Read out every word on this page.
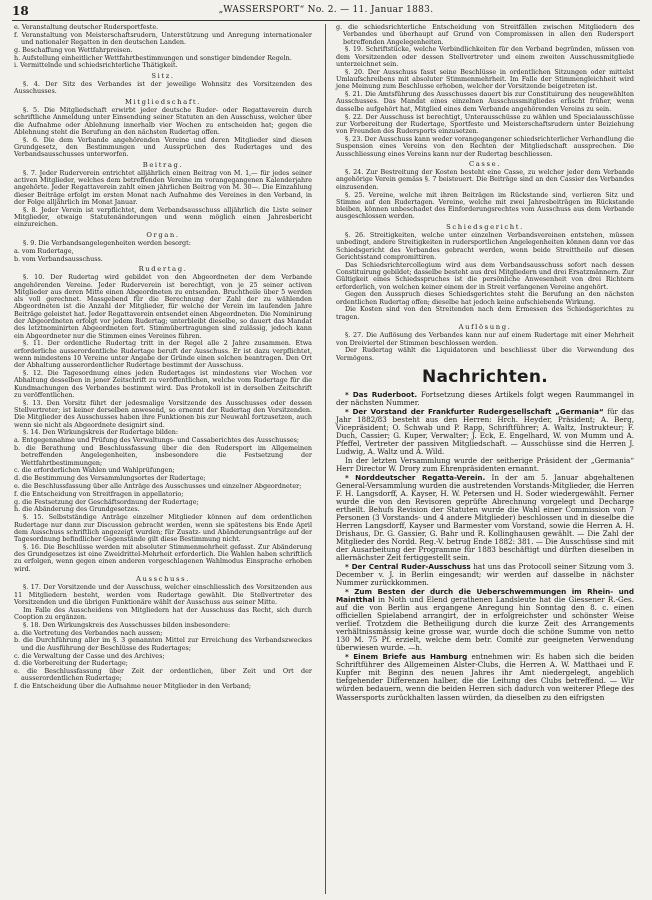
18	„WASSERSPORT“ No. 2. — 11. Januar 1883.
e. Veranstaltung deutscher Rudersportfeste.
f. Veranstaltung von Meisterschaftsrudern, Unterstützung und Anregung internationaler und nationaler Regatten in den deutschen Landen.
g. Beschaffung von Wettfahrpreisen.
h. Aufstellung einheitlicher Wettfahrtbestimmungen und sonstiger bindender Regeln.
i. Vermittelnde und schiedsrichterliche Thätigkeit.
Sitz.
§. 4. Der Sitz des Verbandes ist der jeweilige Wohnsitz des Vorsitzenden des Ausschusses.
Mitgliedschaft.
§. 5. Die Mitgliedschaft erwirbt jeder deutsche Ruder- oder Regattaverein durch schriftliche Anmeldung unter Einsendung seiner Statuten an den Ausschuss, welcher über die Aufnahme oder Ablehnung innerhalb vier Wochen zu entscheiden hat; gegen die Ablehnung steht die Berufung an den nächsten Rudertag offen.
§. 6. Die dem Verbande angehörenden Vereine und deren Mitglieder sind diesen Grundgesetz, den Bestimmungen und Aussprüchen des Rudertages und des Verbandsausschusses unterworfen.
Beitrag.
§. 7. Jeder Ruderverein entrichtet alljährlich einen Beitrag von M. 1,— für jedes seiner activen Mitglieder, welches dem betreffenden Vereine im vorangegangenen Kalenderjahre angehörte. Jeder Regattaverein zahlt einen jährlichen Beitrag von M. 30—. Die Einzahlung dieser Beiträge erfolgt im ersten Monat nach Aufnahme des Vereines in den Verband, in der Folge alljährlich im Monat Januar.
§. 8. Jeder Verein ist verpflichtet, dem Verbandsausschuss alljährlich die Liste seiner Mitglieder, etwaige Statutenänderungen und wenn möglich einen Jahresbericht einzureichen.
Organ.
§. 9. Die Verbandsangelegenheiten werden besorgt:
a. vom Rudertage,
b. vom Verbandsausschuss.
Rudertag.
§. 10. Der Rudertag wird gebildet von den Abgeordneten der dem Verbande angehörenden Vereine. Jeder Ruderverein ist berechtigt, von je 25 seiner activen Mitglieder aus deren Mitte einen Abgeordneten zu entsenden. Bruchtheile über 5 werden als voll gerechnet. Massgebend für die Berechnung der Zahl der zu wählenden Abgeordneten ist die Anzahl der Mitglieder, für welche der Verein im laufenden Jahre Beiträge geleistet hat. Jeder Regattaverein entsendet einen Abgeordneten. Die Nominirung der Abgeordneten erfolgt vor jedem Rudertag; unterbleibt dieselbe, so dauert das Mandat des letztnominirten Abgeordneten fort. Stimmübertragungen sind zulässig, jedoch kann ein Abgeordneter nur die Stimmen eines Vereines führen.
§. 11. Der ordentliche Rudertag tritt in der Regel alle 2 Jahre zusammen. Etwa erforderliche ausserordentliche Rudertage beruft der Ausschuss. Er ist dazu verpflichtet, wenn mindestens 10 Vereine unter Angabe der Gründe einen solchen beantragen. Den Ort der Abhaltung ausserordentlicher Rudertage bestimmt der Ausschuss.
§. 12. Die Tagesordnung eines jeden Rudertages ist mindestens vier Wochen vor Abhaltung desselben in jener Zeitschrift zu veröffentlichen, welche vom Rudertage für die Kundmachungen des Verbandes bestimmt wird. Das Protokoll ist in derselben Zeitschrift zu veröffentlichen.
§. 13. Den Vorsitz führt der jedesmalige Vorsitzende des Ausschusses oder dessen Stellvertreter; ist keiner derselben anwesend, so ernennt der Rudertag den Vorsitzenden. Die Mitglieder des Ausschusses haben ihre Funktionen bis zur Neuwahl fortzusetzen, auch wenn sie nicht als Abgeordnete designirt sind.
§. 14. Den Wirkungskreis der Rudertage bilden:
a. Entgegennahme und Prüfung des Verwaltungs- und Cassaberichtes des Ausschusses;
b. die Berathung und Beschlussfassung über die den Rudersport im Allgemeinen betreffenden Angelegenheiten, insbesondere die Festsetzung der Wettfahrtbestimmungen;
c. die erforderlichen Wahlen und Wahlprüfungen;
d. die Bestimmung des Versammlungsortes der Rudertage;
e. die Beschlussfassung über alle Anträge des Ausschusses und einzelner Abgeordneter;
f. die Entscheidung von Streitfragen in appellatorio;
g. die Festsetzung der Geschäftsordnung der Rudertage;
h. die Abänderung des Grundgesetzes.
§. 15. Selbstständige Anträge einzelner Mitglieder können auf dem ordentlichen Rudertage nur dann zur Discussion gebracht werden, wenn sie spätestens bis Ende April dem Ausschuss schriftlich angezeigt wurden; für Zusatz- und Abänderungsanträge auf der Tagesordnung befindlicher Gegenstände gilt diese Bestimmung nicht.
§. 16. Die Beschlüsse werden mit absoluter Stimmenmehrheit gefasst. Zur Abänderung des Grundgesetzes ist eine Zweidrittel-Mehrheit erforderlich. Die Wahlen haben schriftlich zu erfolgen, wenn gegen einen anderen vorgeschlagenen Wahlmodus Einsprache erhoben wird.
Ausschuss.
§. 17. Der Vorsitzende und der Ausschuss, welcher einschliesslich des Vorsitzenden aus 11 Mitgliedern besteht, werden vom Rudertage gewählt. Die Stellvertreter des Vorsitzenden und die übrigen Funktionäre wählt der Ausschuss aus seiner Mitte.
Im Falle des Ausscheidens von Mitgliedern hat der Ausschuss das Recht, sich durch Cooption zu ergänzen.
§. 18. Den Wirkungskreis des Ausschusses bilden insbesondere:
a. die Vertretung des Verbandes nach aussen;
b. die Durchführung aller im §. 3 genannten Mittel zur Erreichung des Verbandszweckes und die Ausführung der Beschlüsse des Rudertages;
c. die Verwaltung der Casse und des Archives;
d. die Vorbereitung der Rudertage;
e. die Beschlussfassung über Zeit der ordentlichen, über Zeit und Ort der ausserordentlichen Rudertage;
f. die Entscheidung über die Aufnahme neuer Mitglieder in den Verband;
g. die schiedsrichterliche Entscheidung von Streitfällen zwischen Mitgliedern des Verbandes und überhaupt auf Grund von Compromissen in allen den Rudersport betreffenden Angelegenheiten.
§. 19. Schriftstücke, welche Verbindlichkeiten für den Verband begründen, müssen von dem Vorsitzenden oder dessen Stellvertreter und einem zweiten Ausschussmitgliede unterzeichnet sein.
§. 20. Der Ausschuss fasst seine Beschlüsse in ordentlichen Sitzungen oder mittelst Umlaufschreibens mit absoluter Stimmenmehrheit. Im Falle der Stimmengleichheit wird jene Meinung zum Beschlusse erhoben, welcher der Vorsitzende beigetreten ist.
§. 21. Die Amtsführung des Ausschusses dauert bis zur Constituirung des neugewählten Ausschusses. Das Mandat eines einzelnen Ausschussmitgliedes erlischt früher, wenn dasselbe aufgehört hat, Mitglied eines dem Verbande angehörenden Vereins zu sein.
§. 22. Der Ausschuss ist berechtigt, Unterausschüsse zu wählen und Specialausschüsse zur Vorbereitung der Rudertage, Sportfeste und Meisterschaftsrudern unter Beiziehung von Freunden des Rudersports einzusetzen.
§. 23. Der Ausschuss kann weder vorangegangener schiedsrichterlicher Verhandlung die Suspension eines Vereins von den Rechten der Mitgliedschaft aussprechen. Die Ausschliessung eines Vereins kann nur der Rudertag beschliessen.
Casse.
§. 24. Zur Bestreitung der Kosten besteht eine Casse, zu welcher jeder dem Verbande angehörige Verein gemäss §. 7 beisteuert. Die Beiträge sind an den Cassier des Verbandes einzusenden.
§. 25. Vereine, welche mit ihren Beiträgen im Rückstande sind, verlieren Sitz und Stimme auf den Rudertagen. Vereine, welche mit zwei Jahresbeiträgen im Rückstande bleiben, können unbeschadet des Einforderungsrechtes vom Ausschuss aus dem Verbande ausgeschlossen werden.
Schiedsgericht.
§. 26. Streitigkeiten, welche unter einzelnen Verbandsvereinen entstehen, müssen unbedingt, andere Streitigkeiten in rudersportlichen Angelegenheiten können dann vor das Schiedsgericht des Verbandes gebracht werden, wenn beide Streittheile auf diesen Gerichtsstand compromittiren.
Das Schiedsrichtercollegium wird aus dem Verbandsausschuss sofort nach dessen Constituirung gebildet; dasselbe besteht aus drei Mitgliedern und drei Ersatzmännern. Zur Gültigkeit eines Schiedsspruches ist die persönliche Anwesenheit von drei Richtern erforderlich, von welchen keiner einem der in Streit verfangenen Vereine angehört.
Gegen den Ausspruch dieses Schiedsgerichtes steht die Berufung an den nächsten ordentlichen Rudertag offen; dieselbe hat jedoch keine aufschiebende Wirkung.
Die Kosten sind von den Streitenden nach dem Ermessen des Schiedsgerichtes zu tragen.
Auflösung.
§. 27. Die Auflösung des Verbandes kann nur auf einem Rudertage mit einer Mehrheit von Dreiviertel der Stimmen beschlossen werden.
Der Rudertag wählt die Liquidatoren und beschliesst über die Verwendung des Vermögens.
Nachrichten.
* Das Ruderboot. Fortsetzung dieses Artikels folgt wegen Raummangel in der nächsten Nummer.
* Der Vorstand der Frankfurter Rudergesellschaft „Germania“ für das Jahr 1882/83 besteht aus den Herren: Hrch. Heyder, Präsident; A. Berg, Vicepräsident; O. Schwab und P. Rapp, Schriftführer; A. Waltz, Instrukteur; F. Duch, Cassier; G. Kuper, Verwalter; J. Eck, E. Engelhard, W. von Mumm und A. Pfeffel, Vertreter der passiven Mitgliedschaft. — Ausschüsse sind die Herren J. Ludwig, A. Waltz und A. Wild.
In der letzten Versammlung wurde der seitherige Präsident der „Germania“ Herr Director W. Drory zum Ehrenpräsidenten ernannt.
* Norddeutscher Regatta-Verein. In der am 5. Januar abgehaltenen General-Versammlung wurden die austretenden Vorstands-Mitglieder, die Herren F. H. Langsdorff, A. Kayser, H. W. Petersen und H. Soder wiedergewählt. Ferner wurde die von den Revisoren geprüfte Abrechnung vorgelegt und Decharge ertheilt. Behufs Revision der Statuten wurde die Wahl einer Commission von 7 Personen (3 Vorstands- und 4 andere Mitglieder) beschlossen und in dieselbe die Herren Langsdorff, Kayser und Barmester vom Vorstand, sowie die Herren A. H. Drishaus, Dr. G. Gassier, G. Bahr und R. Kollinghausen gewählt. — Die Zahl der Mitglieder des Nordd. Reg.-V. betrug Ende 1882: 381. — Die Ausschüsse sind mit der Ausarbeitung der Programme für 1883 beschäftigt und dürften dieselben in allernächster Zeit fertiggestellt sein.
* Der Central Ruder-Ausschuss hat uns das Protocoll seiner Sitzung vom 3. December v. J. in Berlin eingesandt; wir werden auf dasselbe in nächster Nummer zurückkommen.
* Zum Besten der durch die Ueberschwemmungen im Rhein- und Maintthal in Noth und Elend gerathenen Landsleute hat die Giessener R.-Ges. auf die von Berlin aus ergangene Anregung hin Sonntag den 8. c. einen officiellen Spielabend arrangirt, der in erfolgreichster und schönster Weise verlief. Trotzdem die Betheiligung durch die kurze Zeit des Arrangements verhältnissmässig keine grosse war, wurde doch die schöne Summe von netto 130 M. 75 Pf. erzielt, welche dem betr. Comité zur geeigneten Verwendung überwiesen wurde. —h.
* Einem Briefe aus Hamburg entnehmen wir: Es haben sich die beiden Schriftführer des Allgemeinen Alster-Clubs, die Herren A. W. Matthaei und F. Kupfer mit Beginn des neuen Jahres ihr Amt niedergelegt, angeblich tiefgehender Differenzen halber, die die Leitung des Clubs betreffend. — Wir würden bedauern, wenn die beiden Herren sich dadurch von weiterer Pflege des Wassersports zurückhalten lassen würden, da dieselben zu den eifrigsten
